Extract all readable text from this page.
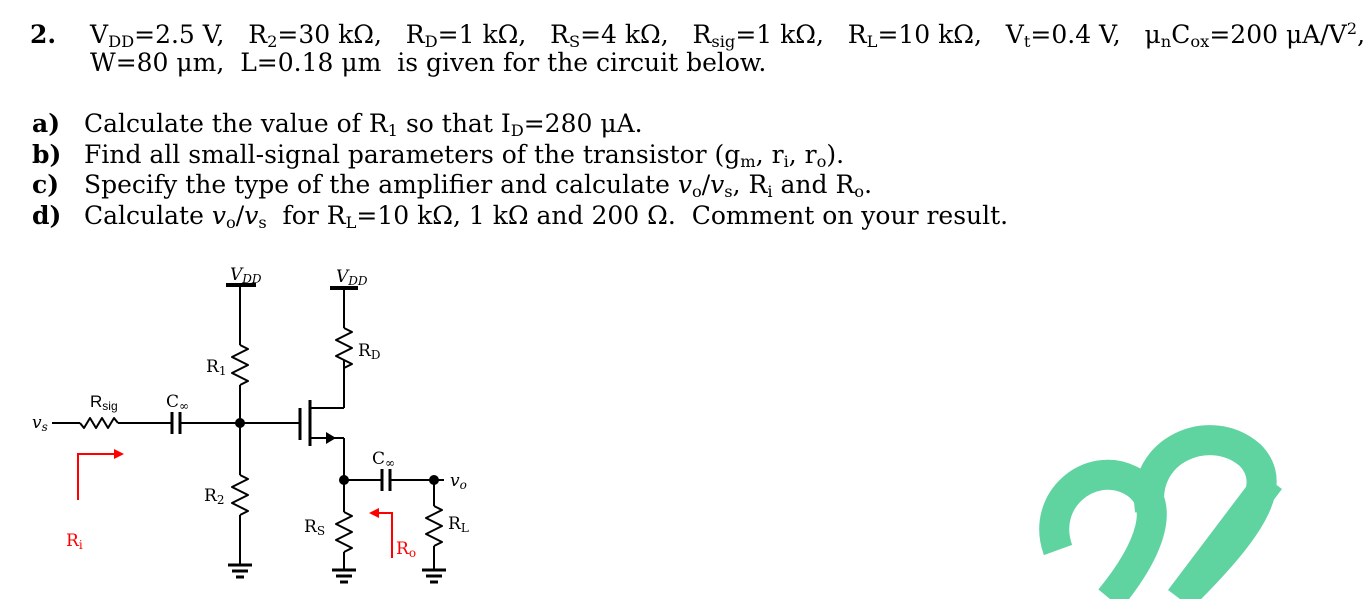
2. $V_{DD}=2.5$ V,   $R_2=30$ kΩ,   $R_D=1$ kΩ,   $R_S=4$ kΩ,   $R_{sig}=1$ kΩ,   $R_L=10$ kΩ,   $V_t=0.4$ V,   $\mu_nC_{ox}=200$ $\mu A/V^2$,
W=80 μm,  L=0.18 μm  is given for the circuit below.
a) Calculate the value of $R_1$ so that $I_D=280$ μA.
b) Find all small-signal parameters of the transistor ($g_m$, $r_i$, $r_o$).
c) Specify the type of the amplifier and calculate $v_o/v_s$, $R_i$ and $R_o$.
d) Calculate $v_o/v_s$  for $R_L=10$ kΩ, 1 kΩ and 200 Ω.  Comment on your result.
VDD	VDD
RD
R1
R2
RS
Rsig	C∞
C∞
vs
vo
RL
Ri	Ro
